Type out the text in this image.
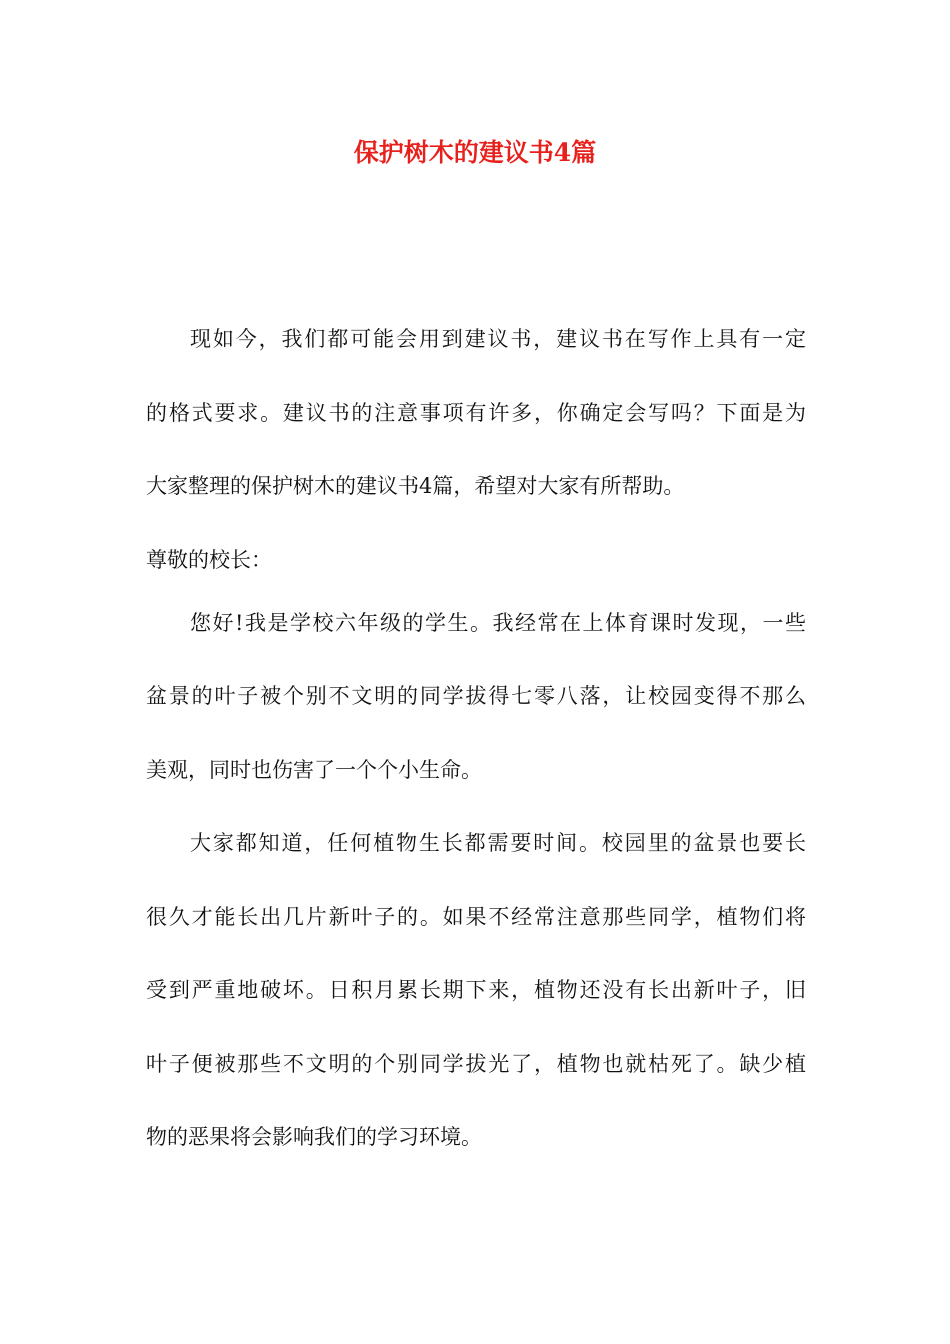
保护树木的建议书4篇
现如今，我们都可能会用到建议书，建议书在写作上具有一定
的格式要求。建议书的注意事项有许多，你确定会写吗？下面是为
大家整理的保护树木的建议书4篇，希望对大家有所帮助。
尊敬的校长：
您好!我是学校六年级的学生。我经常在上体育课时发现，一些
盆景的叶子被个别不文明的同学拔得七零八落，让校园变得不那么
美观，同时也伤害了一个个小生命。
大家都知道，任何植物生长都需要时间。校园里的盆景也要长
很久才能长出几片新叶子的。如果不经常注意那些同学，植物们将
受到严重地破坏。日积月累长期下来，植物还没有长出新叶子，旧
叶子便被那些不文明的个别同学拔光了，植物也就枯死了。缺少植
物的恶果将会影响我们的学习环境。
